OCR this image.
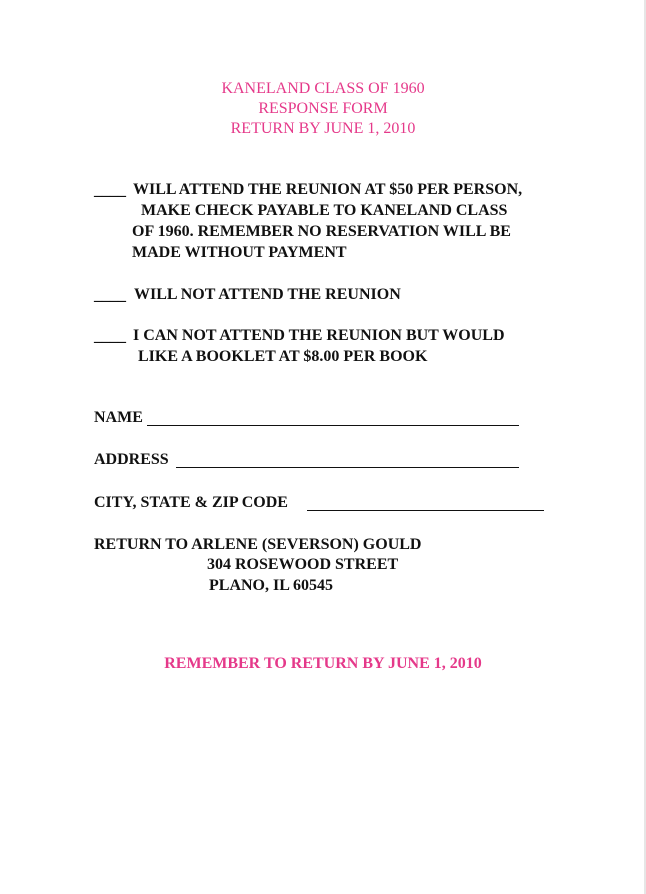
KANELAND CLASS OF 1960
RESPONSE FORM
RETURN BY JUNE 1, 2010
____ WILL ATTEND THE REUNION AT $50 PER PERSON,
MAKE CHECK PAYABLE TO KANELAND CLASS
OF 1960. REMEMBER NO RESERVATION WILL BE
MADE WITHOUT PAYMENT
____ WILL NOT ATTEND THE REUNION
____ I CAN NOT ATTEND THE REUNION BUT WOULD
LIKE A BOOKLET AT $8.00 PER BOOK
NAME
ADDRESS
CITY, STATE & ZIP CODE
RETURN TO ARLENE (SEVERSON) GOULD
304 ROSEWOOD STREET
PLANO, IL 60545
REMEMBER TO RETURN BY JUNE 1, 2010
